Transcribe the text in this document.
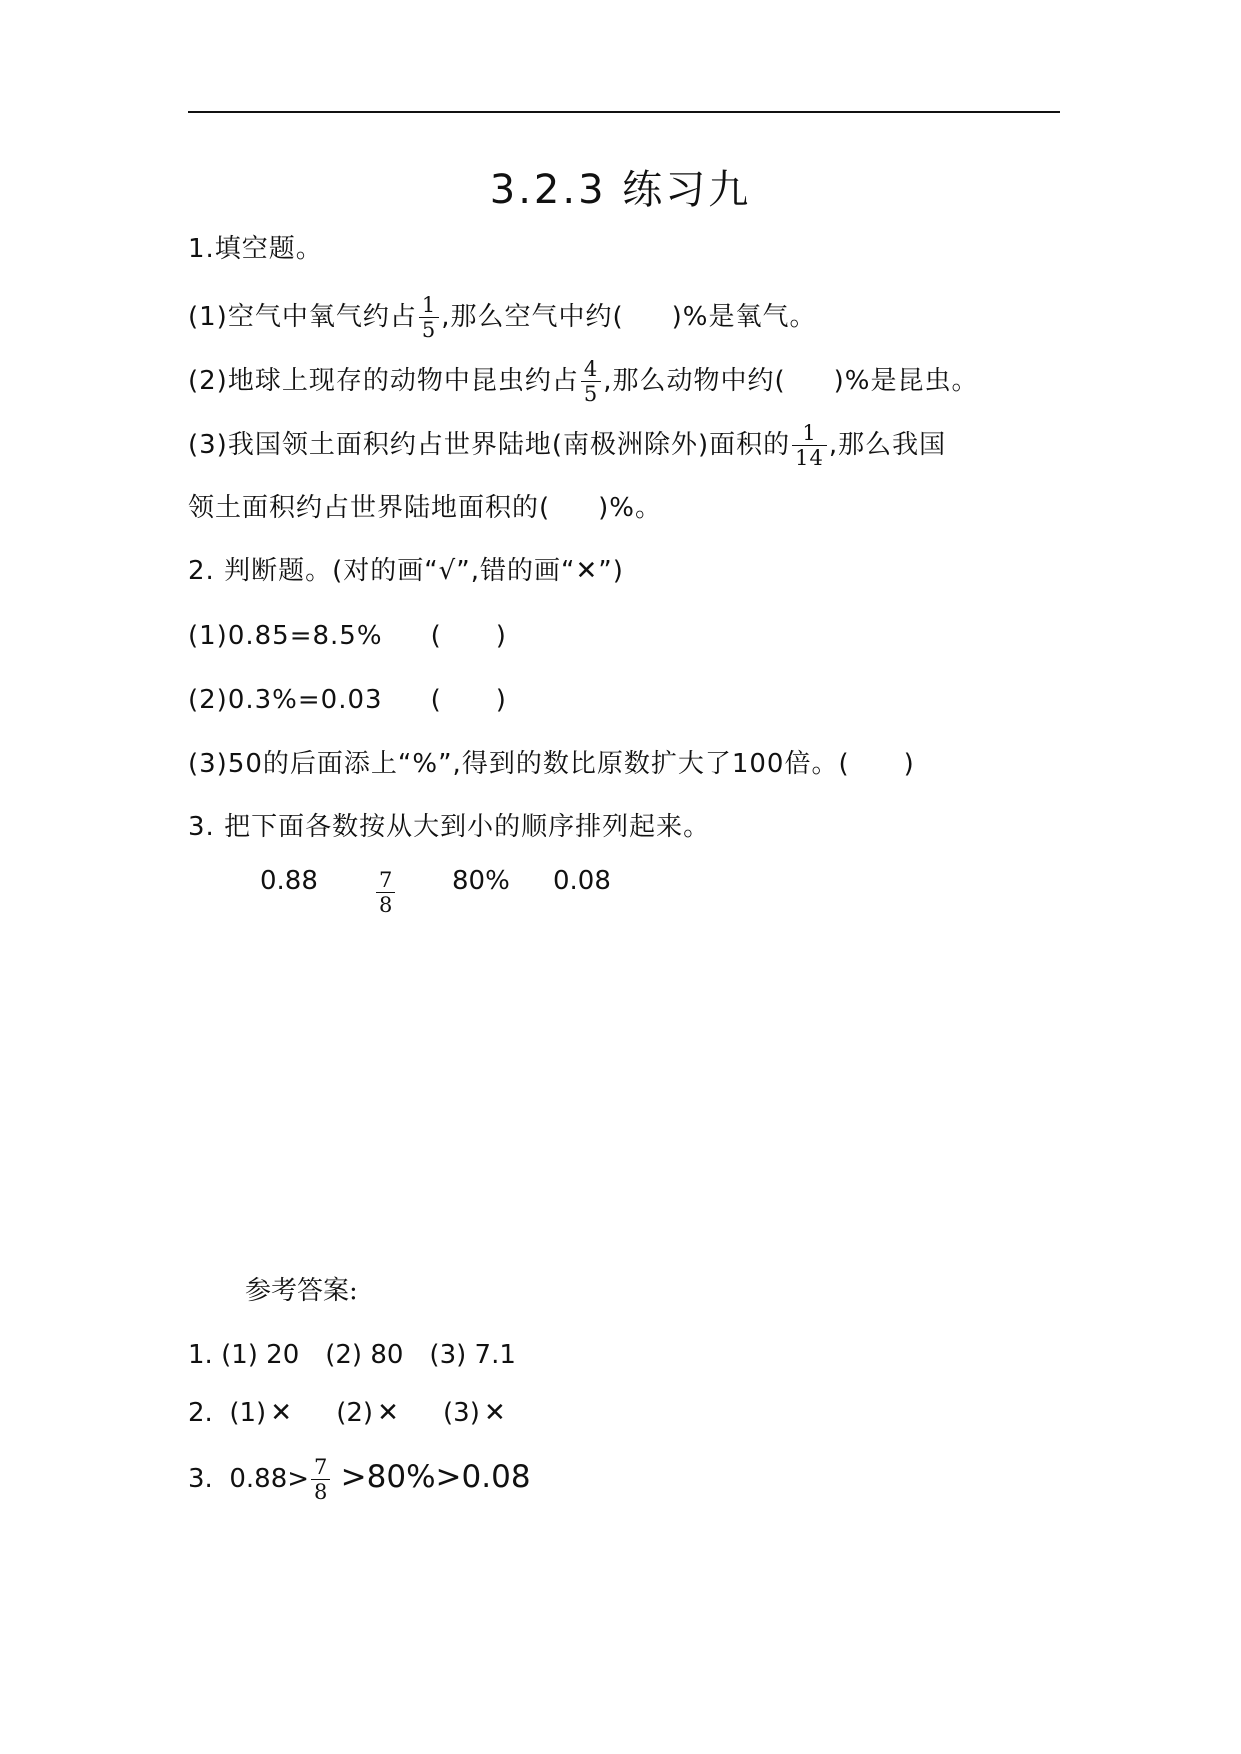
3.2.3 练习九
1.填空题。
(1)空气中氧气约占 $\frac{1}{5}$ ,那么空气中约( )%是氧气。
(2)地球上现存的动物中昆虫约占 $\frac{4}{5}$ ,那么动物中约( )%是昆虫。
(3)我国领土面积约占世界陆地(南极洲除外)面积的 $\frac{1}{14}$ ,那么我国
领土面积约占世界陆地面积的( )%。
2. 判断题。(对的画“√”,错的画“✕”)
(1)0.85=8.5% (　　)
(2)0.3%=0.03 (　　)
(3)50的后面添上“%”,得到的数比原数扩大了100倍。(　　)
3. 把下面各数按从大到小的顺序排列起来。
0.88	$\frac{7}{8} 80\%$ 0.08
参考答案:
1. (1) 20　(2) 80　(3) 7.1
2. (1) ✕ (2) ✕ (3) ✕
3. $0.88> \frac{7}{8} >80\%>0.08$
